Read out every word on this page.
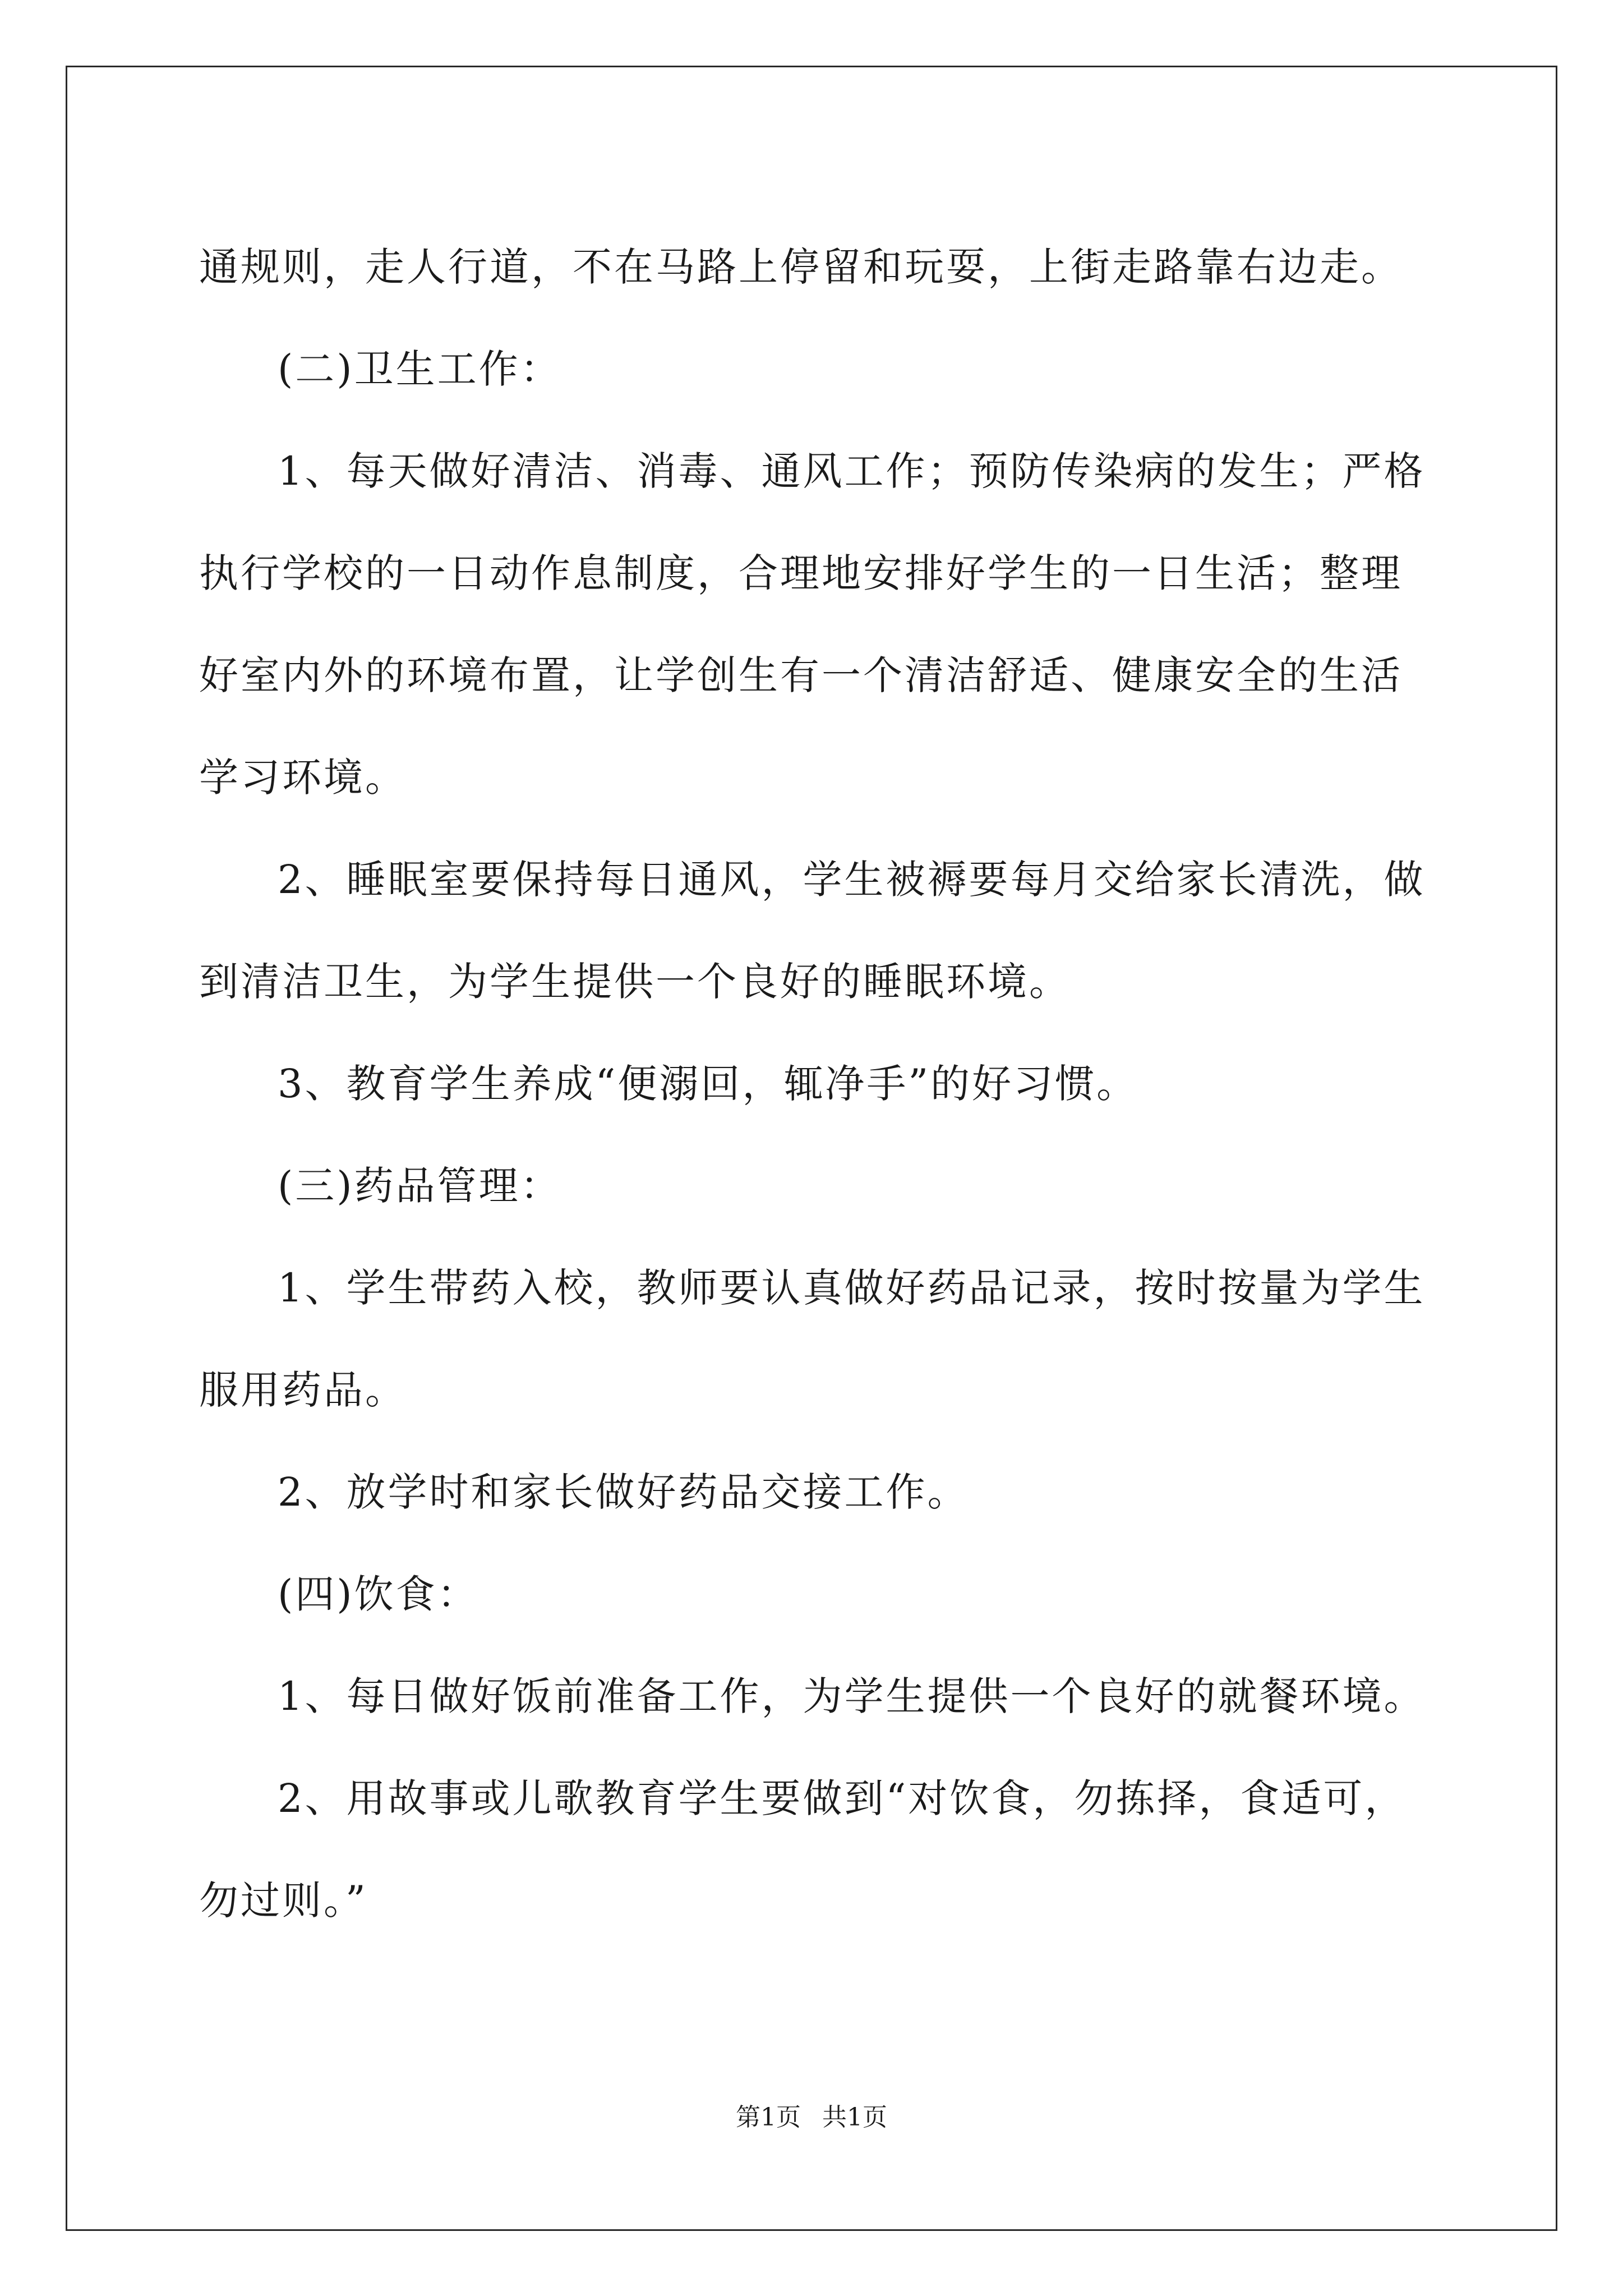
通规则，走人行道，不在马路上停留和玩耍，上街走路靠右边走。

(二)卫生工作：

1、每天做好清洁、消毒、通风工作；预防传染病的发生；严格执行学校的一日动作息制度，合理地安排好学生的一日生活；整理好室内外的环境布置，让学创生有一个清洁舒适、健康安全的生活学习环境。

2、睡眠室要保持每日通风，学生被褥要每月交给家长清洗，做到清洁卫生，为学生提供一个良好的睡眠环境。

3、教育学生养成“便溺回，辄净手”的好习惯。

(三)药品管理：

1、学生带药入校，教师要认真做好药品记录，按时按量为学生服用药品。

2、放学时和家长做好药品交接工作。

(四)饮食：

1、每日做好饭前准备工作，为学生提供一个良好的就餐环境。

2、用故事或儿歌教育学生要做到“对饮食，勿拣择，食适可，勿过则。”

第1页 共1页
